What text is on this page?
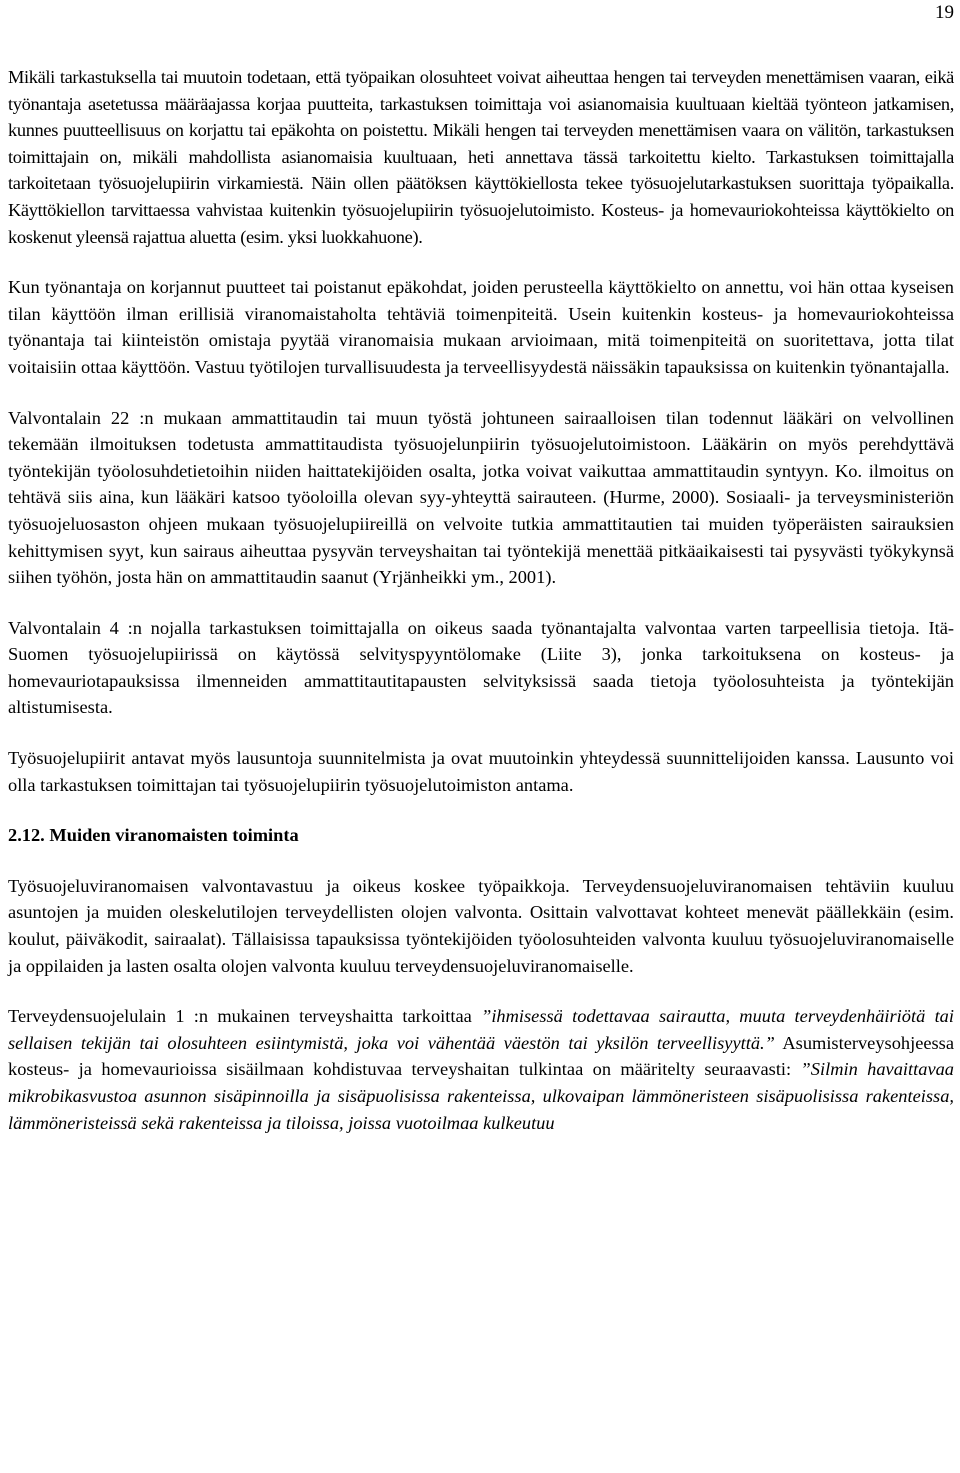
19

Mikäli tarkastuksella tai muutoin todetaan, että työpaikan olosuhteet voivat aiheuttaa hengen tai terveyden menettämisen vaaran, eikä työnantaja asetetussa määräajassa korjaa puutteita, tarkastuksen toimittaja voi asianomaisia kuultuaan kieltää työnteon jatkamisen, kunnes puutteellisuus on korjattu tai epäkohta on poistettu. Mikäli hengen tai terveyden menettämisen vaara on välitön, tarkastuksen toimittajain on, mikäli mahdollista asianomaisia kuultuaan, heti annettava tässä tarkoitettu kielto. Tarkastuksen toimittajalla tarkoitetaan työsuojelupiirin virkamiestä. Näin ollen päätöksen käyttökiellosta tekee työsuojelutarkastuksen suorittaja työpaikalla. Käyttökiellon tarvittaessa vahvistaa kuitenkin työsuojelupiirin työsuojelutoimisto. Kosteus- ja homevauriokohteissa käyttökielto on koskenut yleensä rajattua aluetta (esim. yksi luokkahuone).

Kun työnantaja on korjannut puutteet tai poistanut epäkohdat, joiden perusteella käyttökielto on annettu, voi hän ottaa kyseisen tilan käyttöön ilman erillisiä viranomaistaholta tehtäviä toimenpiteitä. Usein kuitenkin kosteus- ja homevauriokohteissa työnantaja tai kiinteistön omistaja pyytää viranomaisia mukaan arvioimaan, mitä toimenpiteitä on suoritettava, jotta tilat voitaisiin ottaa käyttöön. Vastuu työtilojen turvallisuudesta ja terveellisyydestä näissäkin tapauksissa on kuitenkin työnantajalla.

Valvontalain 22 :n mukaan ammattitaudin tai muun työstä johtuneen sairaalloisen tilan todennut lääkäri on velvollinen tekemään ilmoituksen todetusta ammattitaudista työsuojelunpiirin työsuojelutoimistoon. Lääkärin on myös perehdyttävä työntekijän työolosuhdetietoihin niiden haittatekijöiden osalta, jotka voivat vaikuttaa ammattitaudin syntyyn. Ko. ilmoitus on tehtävä siis aina, kun lääkäri katsoo työoloilla olevan syy-yhteyttä sairauteen. (Hurme, 2000). Sosiaali- ja terveysministeriön työsuojeluosaston ohjeen mukaan työsuojelupiireillä on velvoite tutkia ammattitautien tai muiden työperäisten sairauksien kehittymisen syyt, kun sairaus aiheuttaa pysyvän terveyshaitan tai työntekijä menettää pitkäaikaisesti tai pysyvästi työkykynsä siihen työhön, josta hän on ammattitaudin saanut (Yrjänheikki ym., 2001).

Valvontalain 4 :n nojalla tarkastuksen toimittajalla on oikeus saada työnantajalta valvontaa varten tarpeellisia tietoja. Itä-Suomen työsuojelupiirissä on käytössä selvityspyyntölomake (Liite 3), jonka tarkoituksena on kosteus- ja homevauriotapauksissa ilmenneiden ammattitautitapausten selvityksissä saada tietoja työolosuhteista ja työntekijän altistumisesta.

Työsuojelupiirit antavat myös lausuntoja suunnitelmista ja ovat muutoinkin yhteydessä suunnittelijoiden kanssa. Lausunto voi olla tarkastuksen toimittajan tai työsuojelupiirin työsuojelutoimiston antama.

2.12. Muiden viranomaisten toiminta

Työsuojeluviranomaisen valvontavastuu ja oikeus koskee työpaikkoja. Terveydensuojeluviranomaisen tehtäviin kuuluu asuntojen ja muiden oleskelutilojen terveydellisten olojen valvonta. Osittain valvottavat kohteet menevät päällekkäin (esim. koulut, päiväkodit, sairaalat). Tällaisissa tapauksissa työntekijöiden työolosuhteiden valvonta kuuluu työsuojeluviranomaiselle ja oppilaiden ja lasten osalta olojen valvonta kuuluu terveydensuojeluviranomaiselle.

Terveydensuojelulain 1 :n mukainen terveyshaitta tarkoittaa ”ihmisessä todettavaa sairautta, muuta terveydenhäiriötä tai sellaisen tekijän tai olosuhteen esiintymistä, joka voi vähentää väestön tai yksilön terveellisyyttä.” Asumisterveysohjeessa kosteus- ja homevaurioissa sisäilmaan kohdistuvaa terveyshaitan tulkintaa on määritelty seuraavasti: ”Silmin havaittavaa mikrobikasvustoa asunnon sisäpinnoilla ja sisäpuolisissa rakenteissa, ulkovaipan lämmöneristeen sisäpuolisissa rakenteissa, lämmöneristeissä sekä rakenteissa ja tiloissa, joissa vuotoilmaa kulkeutuu
